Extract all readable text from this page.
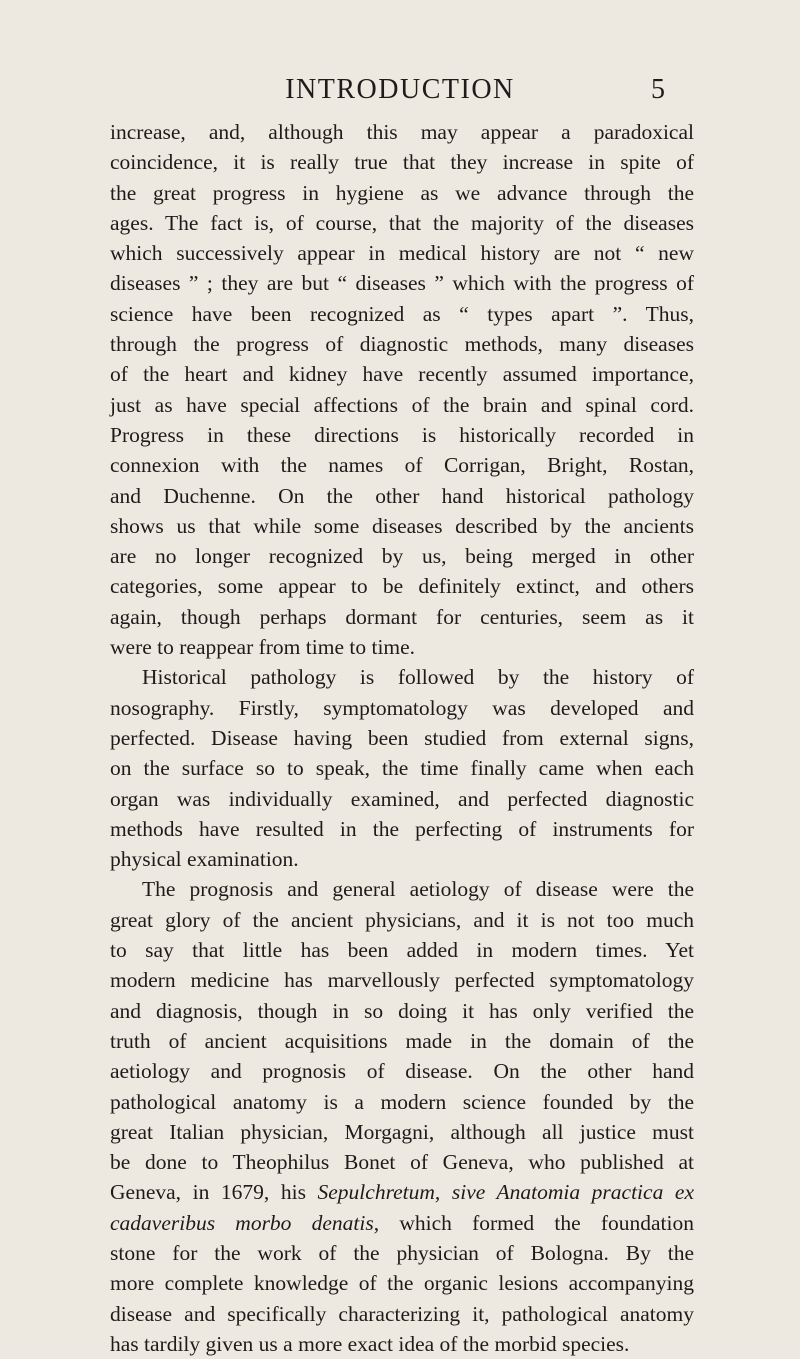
INTRODUCTION	5
increase, and, although this may appear a paradoxical
coincidence, it is really true that they increase in spite of
the great progress in hygiene as we advance through the
ages. The fact is, of course, that the majority of the diseases
which successively appear in medical history are not “ new
diseases ” ; they are but “ diseases ” which with the progress of
science have been recognized as “ types apart ”. Thus,
through the progress of diagnostic methods, many diseases
of the heart and kidney have recently assumed importance,
just as have special affections of the brain and spinal cord.
Progress in these directions is historically recorded in
connexion with the names of Corrigan, Bright, Rostan,
and Duchenne. On the other hand historical pathology
shows us that while some diseases described by the ancients
are no longer recognized by us, being merged in other
categories, some appear to be definitely extinct, and others
again, though perhaps dormant for centuries, seem as it
were to reappear from time to time.
Historical pathology is followed by the history of
nosography. Firstly, symptomatology was developed and
perfected. Disease having been studied from external signs,
on the surface so to speak, the time finally came when each
organ was individually examined, and perfected diagnostic
methods have resulted in the perfecting of instruments for
physical examination.
The prognosis and general aetiology of disease were the
great glory of the ancient physicians, and it is not too much
to say that little has been added in modern times. Yet
modern medicine has marvellously perfected symptomatology
and diagnosis, though in so doing it has only verified the
truth of ancient acquisitions made in the domain of the
aetiology and prognosis of disease. On the other hand
pathological anatomy is a modern science founded by the
great Italian physician, Morgagni, although all justice must
be done to Theophilus Bonet of Geneva, who published at
Geneva, in 1679, his Sepulchretum, sive Anatomia practica ex
cadaveribus morbo denatis, which formed the foundation
stone for the work of the physician of Bologna. By the
more complete knowledge of the organic lesions accompanying
disease and specifically characterizing it, pathological anatomy
has tardily given us a more exact idea of the morbid species.
